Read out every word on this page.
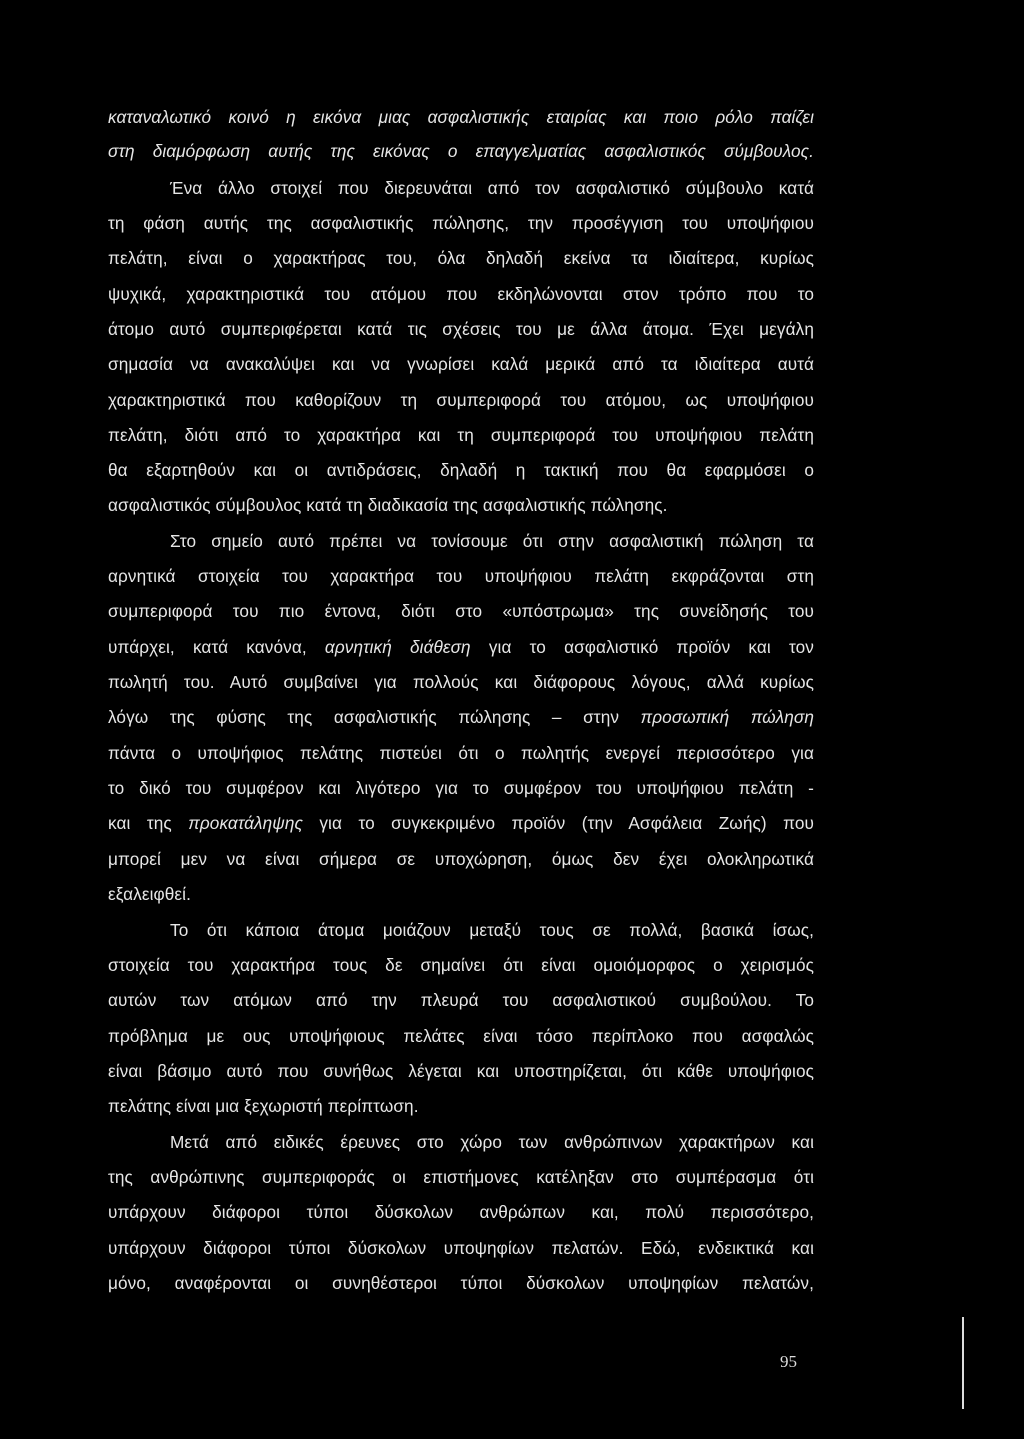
καταναλωτικό κοινό η εικόνα μιας ασφαλιστικής εταιρίας και ποιο ρόλο παίζει
στη διαμόρφωση αυτής της εικόνας ο επαγγελματίας ασφαλιστικός σύμβουλος.
Ένα άλλο στοιχεί που διερευνάται από τον ασφαλιστικό σύμβουλο κατά
τη φάση αυτής της ασφαλιστικής πώλησης, την προσέγγιση του υποψήφιου
πελάτη, είναι ο χαρακτήρας του, όλα δηλαδή εκείνα τα ιδιαίτερα, κυρίως
ψυχικά, χαρακτηριστικά του ατόμου που εκδηλώνονται στον τρόπο που το
άτομο αυτό συμπεριφέρεται κατά τις σχέσεις του με άλλα άτομα. Έχει μεγάλη
σημασία να ανακαλύψει και να γνωρίσει καλά μερικά από τα ιδιαίτερα αυτά
χαρακτηριστικά που καθορίζουν τη συμπεριφορά του ατόμου, ως υποψήφιου
πελάτη, διότι από το χαρακτήρα και τη συμπεριφορά του υποψήφιου πελάτη
θα εξαρτηθούν και οι αντιδράσεις, δηλαδή η τακτική που θα εφαρμόσει ο
ασφαλιστικός σύμβουλος κατά τη διαδικασία της ασφαλιστικής πώλησης.
Στο σημείο αυτό πρέπει να τονίσουμε ότι στην ασφαλιστική πώληση τα
αρνητικά στοιχεία του χαρακτήρα του υποψήφιου πελάτη εκφράζονται στη
συμπεριφορά του πιο έντονα, διότι στο «υπόστρωμα» της συνείδησής του
υπάρχει, κατά κανόνα, αρνητική διάθεση για το ασφαλιστικό προϊόν και τον
πωλητή του. Αυτό συμβαίνει για πολλούς και διάφορους λόγους, αλλά κυρίως
λόγω της φύσης της ασφαλιστικής πώλησης – στην προσωπική πώληση
πάντα ο υποψήφιος πελάτης πιστεύει ότι ο πωλητής ενεργεί περισσότερο για
το δικό του συμφέρον και λιγότερο για το συμφέρον του υποψήφιου πελάτη -
και της προκατάληψης για το συγκεκριμένο προϊόν (την Ασφάλεια Ζωής) που
μπορεί μεν να είναι σήμερα σε υποχώρηση, όμως δεν έχει ολοκληρωτικά
εξαλειφθεί.
Το ότι κάποια άτομα μοιάζουν μεταξύ τους σε πολλά, βασικά ίσως,
στοιχεία του χαρακτήρα τους δε σημαίνει ότι είναι ομοιόμορφος ο χειρισμός
αυτών των ατόμων από την πλευρά του ασφαλιστικού συμβούλου. Το
πρόβλημα με ους υποψήφιους πελάτες είναι τόσο περίπλοκο που ασφαλώς
είναι βάσιμο αυτό που συνήθως λέγεται και υποστηρίζεται, ότι κάθε υποψήφιος
πελάτης είναι μια ξεχωριστή περίπτωση.
Μετά από ειδικές έρευνες στο χώρο των ανθρώπινων χαρακτήρων και
της ανθρώπινης συμπεριφοράς οι επιστήμονες κατέληξαν στο συμπέρασμα ότι
υπάρχουν διάφοροι τύποι δύσκολων ανθρώπων και, πολύ περισσότερο,
υπάρχουν διάφοροι τύποι δύσκολων υποψηφίων πελατών. Εδώ, ενδεικτικά και
μόνο, αναφέρονται οι συνηθέστεροι τύποι δύσκολων υποψηφίων πελατών,
95
